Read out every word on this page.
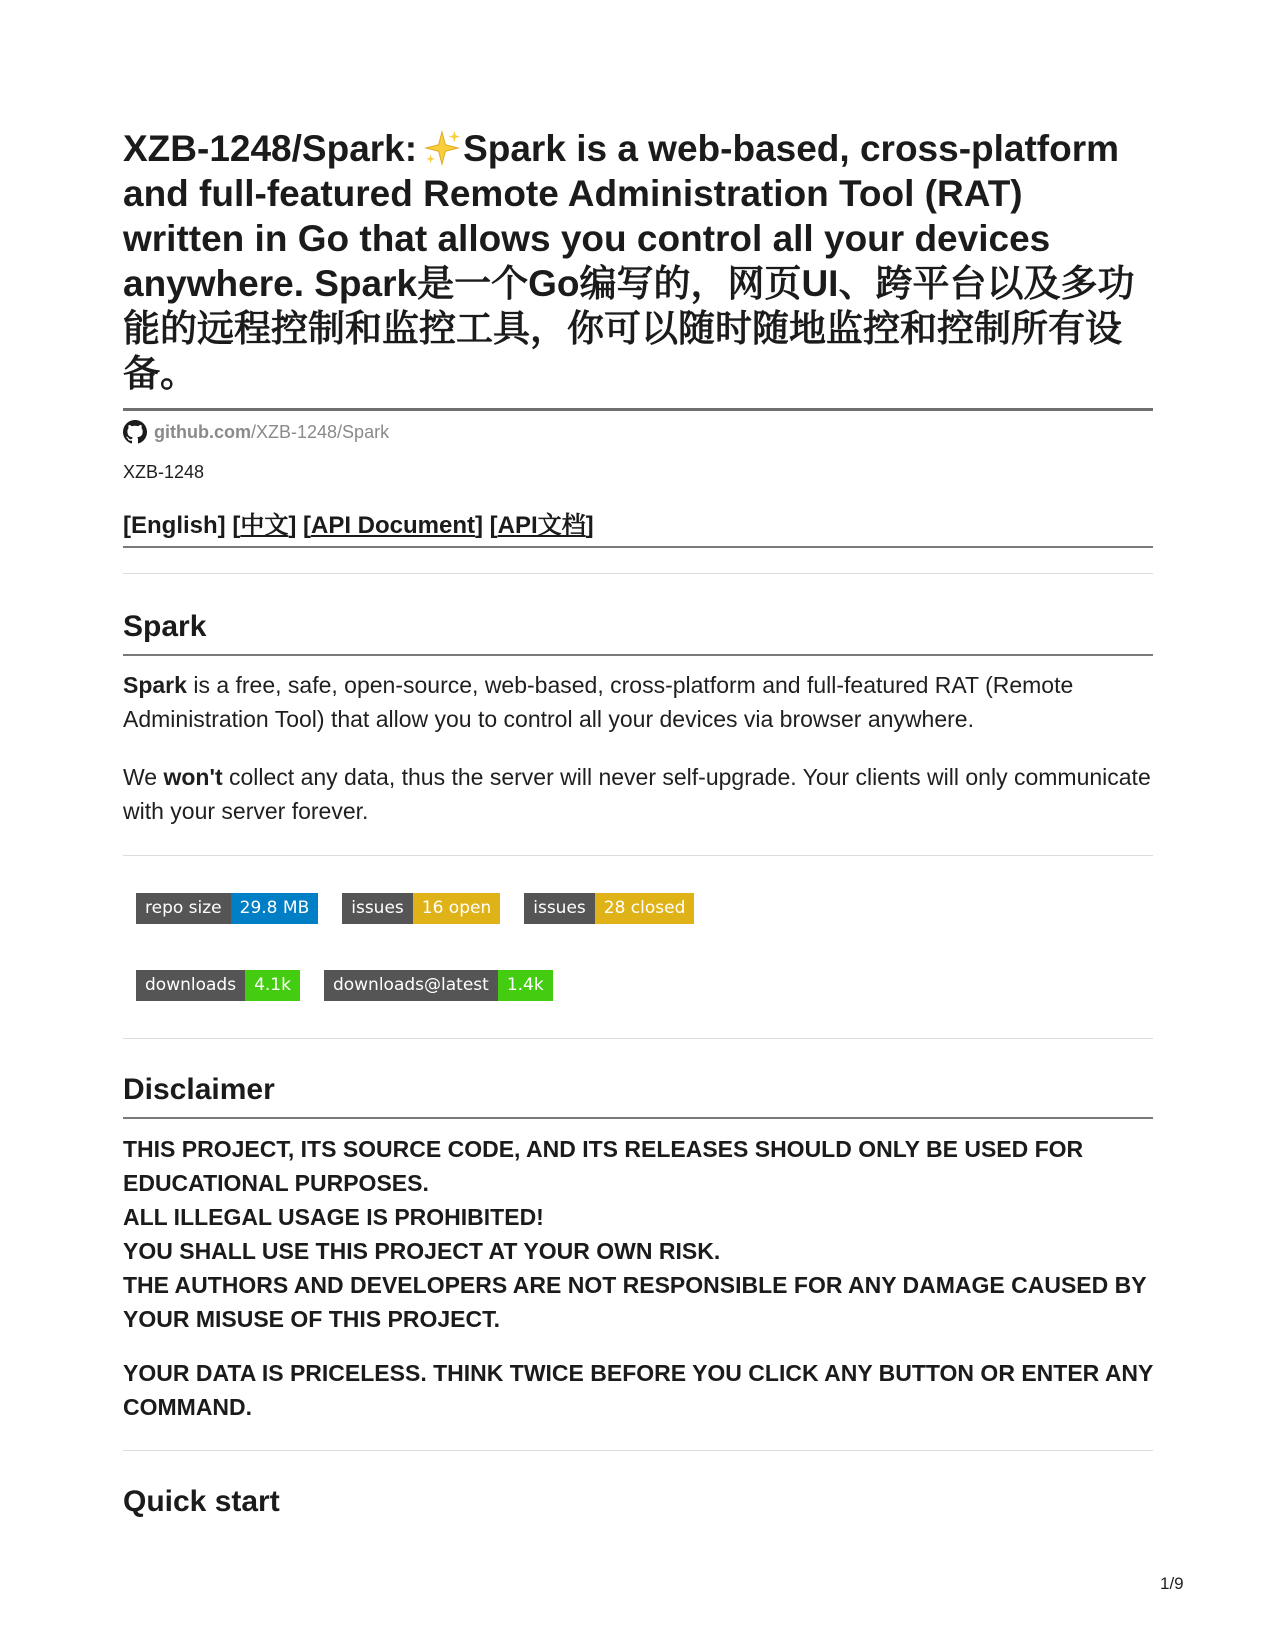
XZB-1248/Spark: Spark is a web-based, cross-platform and full-featured Remote Administration Tool (RAT) written in Go that allows you control all your devices anywhere. Spark是一个Go编写的，网页UI、跨平台以及多功能的远程控制和监控工具，你可以随时随地监控和控制所有设备。
github.com /XZB-1248/Spark
XZB-1248
[English] [中文] [API Document] [API文档]
Spark

Spark is a free, safe, open-source, web-based, cross-platform and full-featured RAT (Remote Administration Tool) that allow you to control all your devices via browser anywhere.

We won't collect any data, thus the server will never self-upgrade. Your clients will only communicate with your server forever.

repo size	29.8 MB	issues	16 open	issues	28 closed
downloads	4.1k	downloads@latest	1.4k
Disclaimer

THIS PROJECT, ITS SOURCE CODE, AND ITS RELEASES SHOULD ONLY BE USED FOR EDUCATIONAL PURPOSES.

ALL ILLEGAL USAGE IS PROHIBITED!

YOU SHALL USE THIS PROJECT AT YOUR OWN RISK.

THE AUTHORS AND DEVELOPERS ARE NOT RESPONSIBLE FOR ANY DAMAGE CAUSED BY YOUR MISUSE OF THIS PROJECT.

YOUR DATA IS PRICELESS. THINK TWICE BEFORE YOU CLICK ANY BUTTON OR ENTER ANY COMMAND.

Quick start
1/9
